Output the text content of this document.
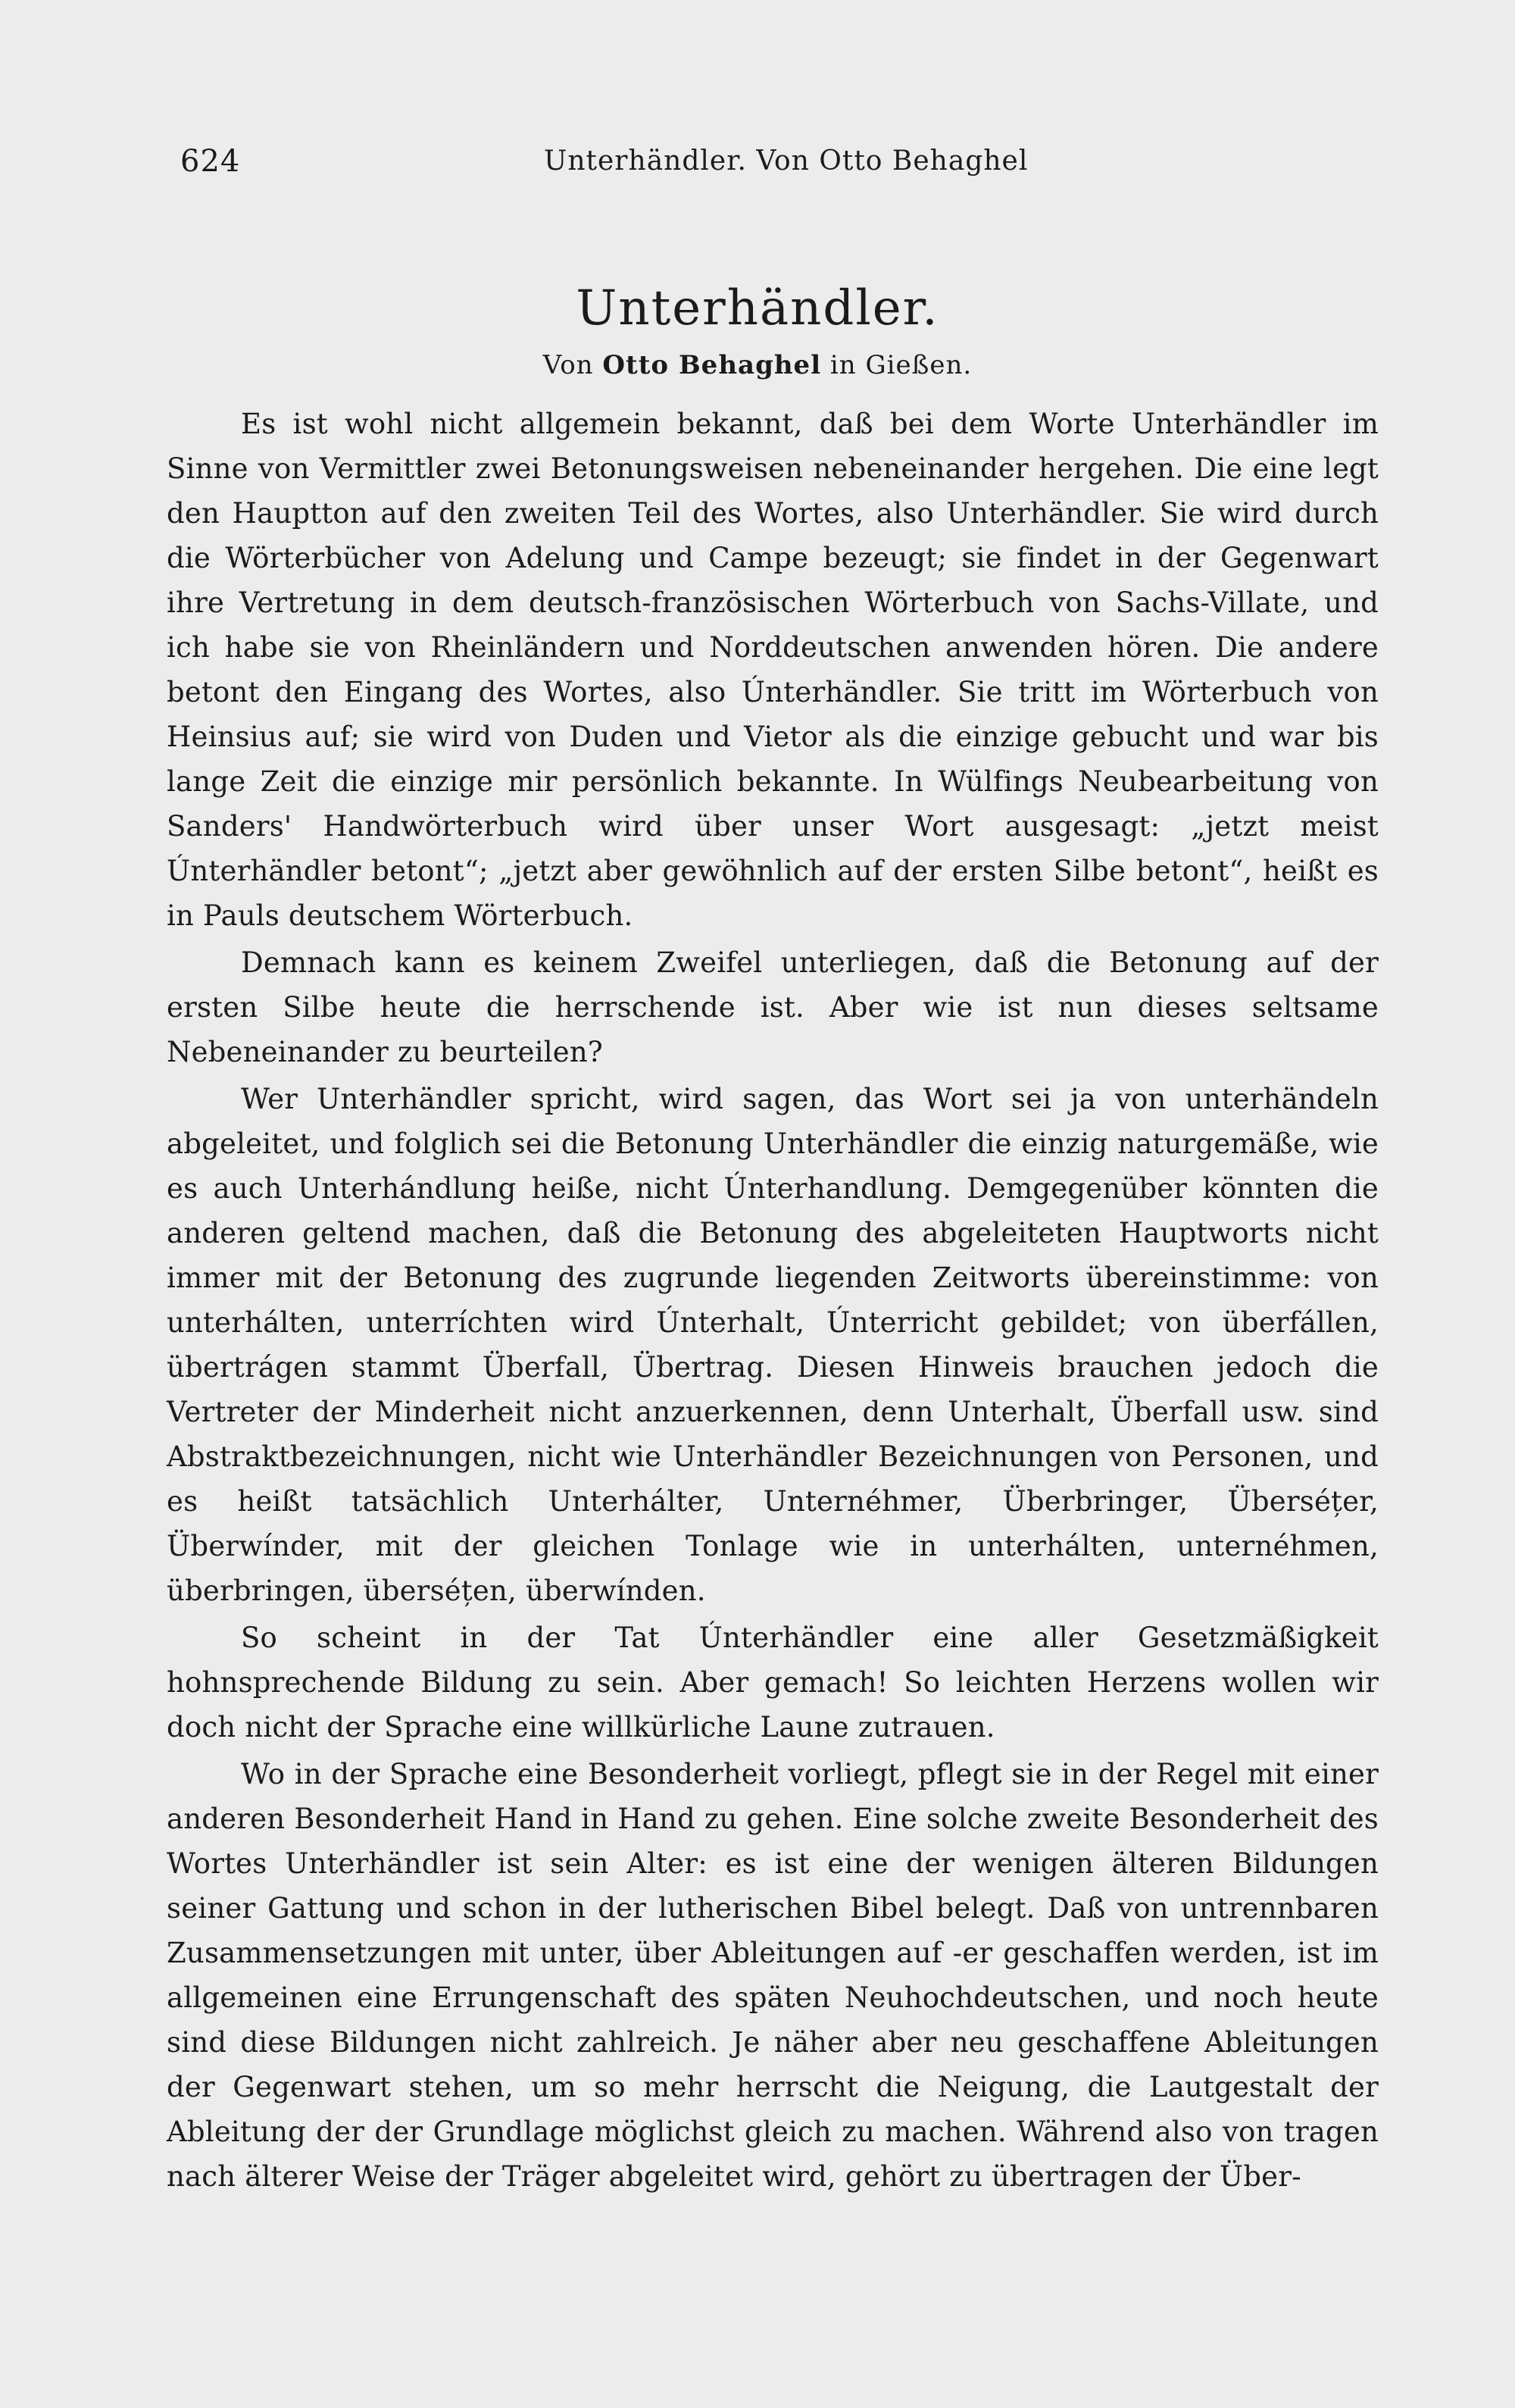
624	Unterhändler. Von Otto Behaghel
Unterhändler.
Von Otto Behaghel in Gießen.

Es ist wohl nicht allgemein bekannt, daß bei dem Worte Unterhändler im Sinne von Vermittler zwei Betonungsweisen nebeneinander hergehen. Die eine legt den Hauptton auf den zweiten Teil des Wortes, also Unterhändler. Sie wird durch die Wörterbücher von Adelung und Campe bezeugt; sie findet in der Gegenwart ihre Vertretung in dem deutsch-französischen Wörterbuch von Sachs-Villate, und ich habe sie von Rheinländern und Norddeutschen anwenden hören. Die andere betont den Eingang des Wortes, also Únterhändler. Sie tritt im Wörterbuch von Heinsius auf; sie wird von Duden und Vietor als die einzige gebucht und war bis lange Zeit die einzige mir persönlich bekannte. In Wülfings Neubearbeitung von Sanders' Handwörterbuch wird über unser Wort ausgesagt: „jetzt meist Únterhändler betont“; „jetzt aber gewöhnlich auf der ersten Silbe betont“, heißt es in Pauls deutschem Wörterbuch.

Demnach kann es keinem Zweifel unterliegen, daß die Betonung auf der ersten Silbe heute die herrschende ist. Aber wie ist nun dieses seltsame Nebeneinander zu beurteilen?

Wer Unterhändler spricht, wird sagen, das Wort sei ja von unterhändeln abgeleitet, und folglich sei die Betonung Unterhändler die einzig naturgemäße, wie es auch Unterhándlung heiße, nicht Únterhandlung. Demgegenüber könnten die anderen geltend machen, daß die Betonung des abgeleiteten Hauptworts nicht immer mit der Betonung des zugrunde liegenden Zeitworts übereinstimme: von unterhálten, unterríchten wird Únterhalt, Únterricht gebildet; von überfállen, übertrágen stammt Überfall, Übertrag. Diesen Hinweis brauchen jedoch die Vertreter der Minderheit nicht anzuerkennen, denn Unterhalt, Überfall usw. sind Abstraktbezeichnungen, nicht wie Unterhändler Bezeichnungen von Personen, und es heißt tatsächlich Unterhálter, Unternéhmer, Überbringer, Überséțer, Überwínder, mit der gleichen Tonlage wie in unterhálten, unternéhmen, überbringen, überséțen, überwínden.

So scheint in der Tat Únterhändler eine aller Gesetzmäßigkeit hohnsprechende Bildung zu sein. Aber gemach! So leichten Herzens wollen wir doch nicht der Sprache eine willkürliche Laune zutrauen.

Wo in der Sprache eine Besonderheit vorliegt, pflegt sie in der Regel mit einer anderen Besonderheit Hand in Hand zu gehen. Eine solche zweite Besonderheit des Wortes Unterhändler ist sein Alter: es ist eine der wenigen älteren Bildungen seiner Gattung und schon in der lutherischen Bibel belegt. Daß von untrennbaren Zusammensetzungen mit unter, über Ableitungen auf -er geschaffen werden, ist im allgemeinen eine Errungenschaft des späten Neuhochdeutschen, und noch heute sind diese Bildungen nicht zahlreich. Je näher aber neu geschaffene Ableitungen der Gegenwart stehen, um so mehr herrscht die Neigung, die Lautgestalt der Ableitung der der Grundlage möglichst gleich zu machen. Während also von tragen nach älterer Weise der Träger abgeleitet wird, gehört zu übertragen der Über-
